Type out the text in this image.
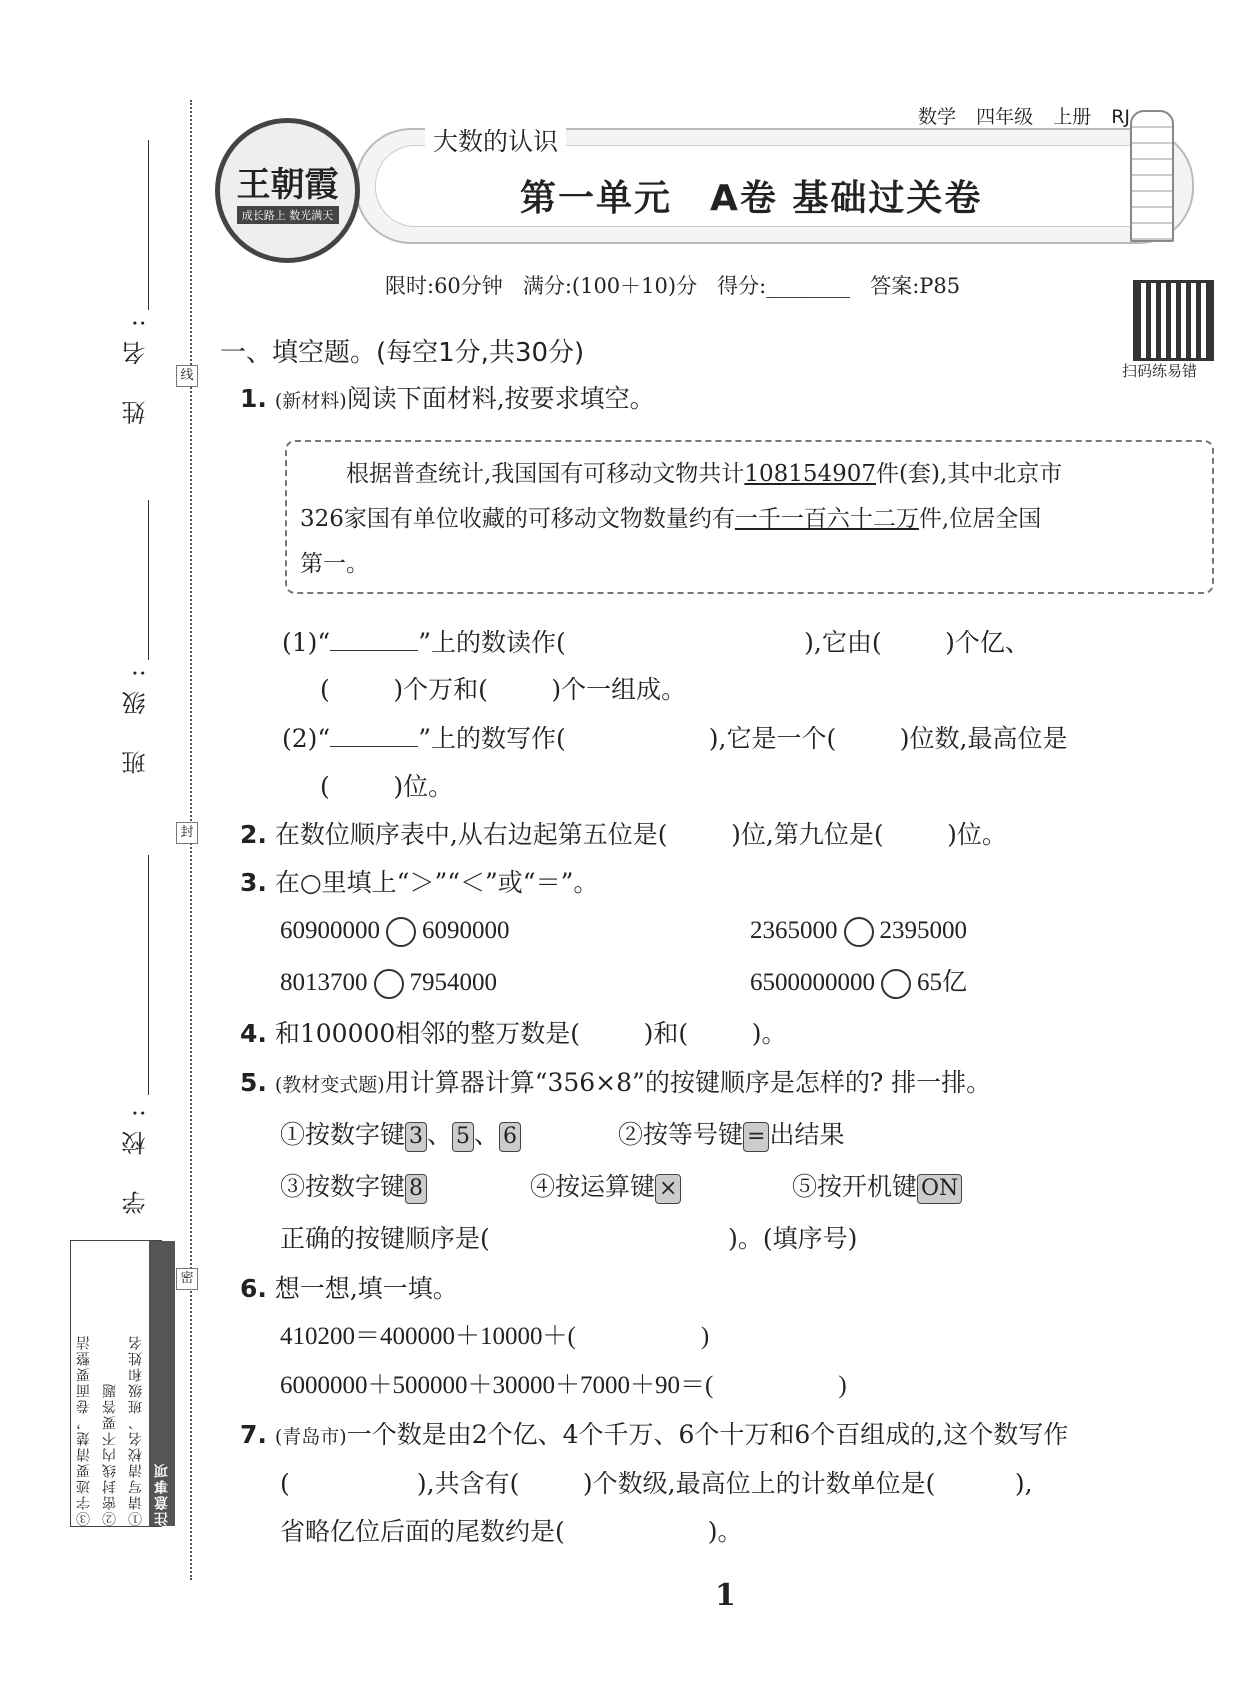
线
封
密
姓 名:
班 级:
学 校:
注意事项
①请写清校名、班级和姓名
②密封线内不要答题
③字迹要清楚，卷面要整洁
数学 四年级 上册 RJ
大数的认识
第一单元　A卷 基础过关卷
王朝霞
成长路上 数光满天
限时:60分钟   满分:(100＋10)分   得分:________   答案:P85
扫码练易错
一、填空题。(每空1分,共30分)
1. (新材料)阅读下面材料,按要求填空。
　　根据普查统计,我国国有可移动文物共计108154907件(套),其中北京市
326家国有单位收藏的可移动文物数量约有一千一百六十二万件,位居全国
第一。
(1)“	”上的数读作(                              ),它由(        )个亿、
(        )个万和(        )个一组成。
(2)“	”上的数写作(                  ),它是一个(        )位数,最高位是
(        )位。
2. 在数位顺序表中,从右边起第五位是(        )位,第九位是(        )位。
3. 在○里填上“＞”“＜”或“＝”。
60900000 6090000	2365000 2395000
8013700 7954000	6500000000 65亿
4. 和100000相邻的整万数是(        )和(        )。
5. (教材变式题)用计算器计算“356×8”的按键顺序是怎样的? 排一排。
①按数字键 3 、 5 、 6	②按等号键 = 出结果
③按数字键 8	④按运算键 ×	⑤按开机键 ON
正确的按键顺序是(                              )。(填序号)
6. 想一想,填一填。
410200＝400000＋10000＋(                    )
6000000＋500000＋30000＋7000＋90＝(                    )
7. (青岛市)一个数是由2个亿、4个千万、6个十万和6个百组成的,这个数写作
(                ),共含有(        )个数级,最高位上的计数单位是(          ),
省略亿位后面的尾数约是(                  )。
1
